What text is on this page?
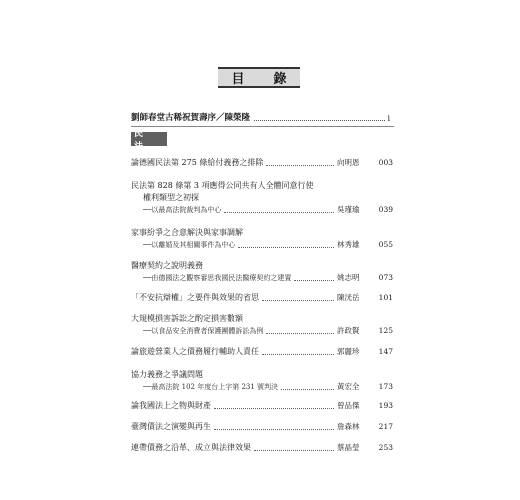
目　錄
劉師春堂古稀祝賀壽序／陳榮隆	i
民　法
論德國民法第 275 條給付義務之排除	向明恩	003
民法第 828 條第 3 項應得公同共有人全體同意行使
權利類型之初探
──以最高法院裁判為中心	吳瑾瑜	039
家事紛爭之合意解決與家事調解
──以離婚及其相關事件為中心	林秀雄	055
醫療契約之說明義務
──由德國法之觀察審思我國民法醫療契約之建置	姚志明	073
「不安抗辯權」之要件與效果的省思	陳洸岳	101
大規模損害訴訟之酌定損害數額
──以食品安全消費者保護團體訴訟為例	許政賢	125
論旅遊營業人之債務履行輔助人責任	郭麗珍	147
協力義務之爭議問題
──最高法院 102 年度台上字第 231 號判決	黃宏全	173
論我國法上之物與財產	曾品傑	193
臺灣債法之演變與再生	詹森林	217
連帶債務之沿革、成立與法律效果	蔡晶瑩	253
